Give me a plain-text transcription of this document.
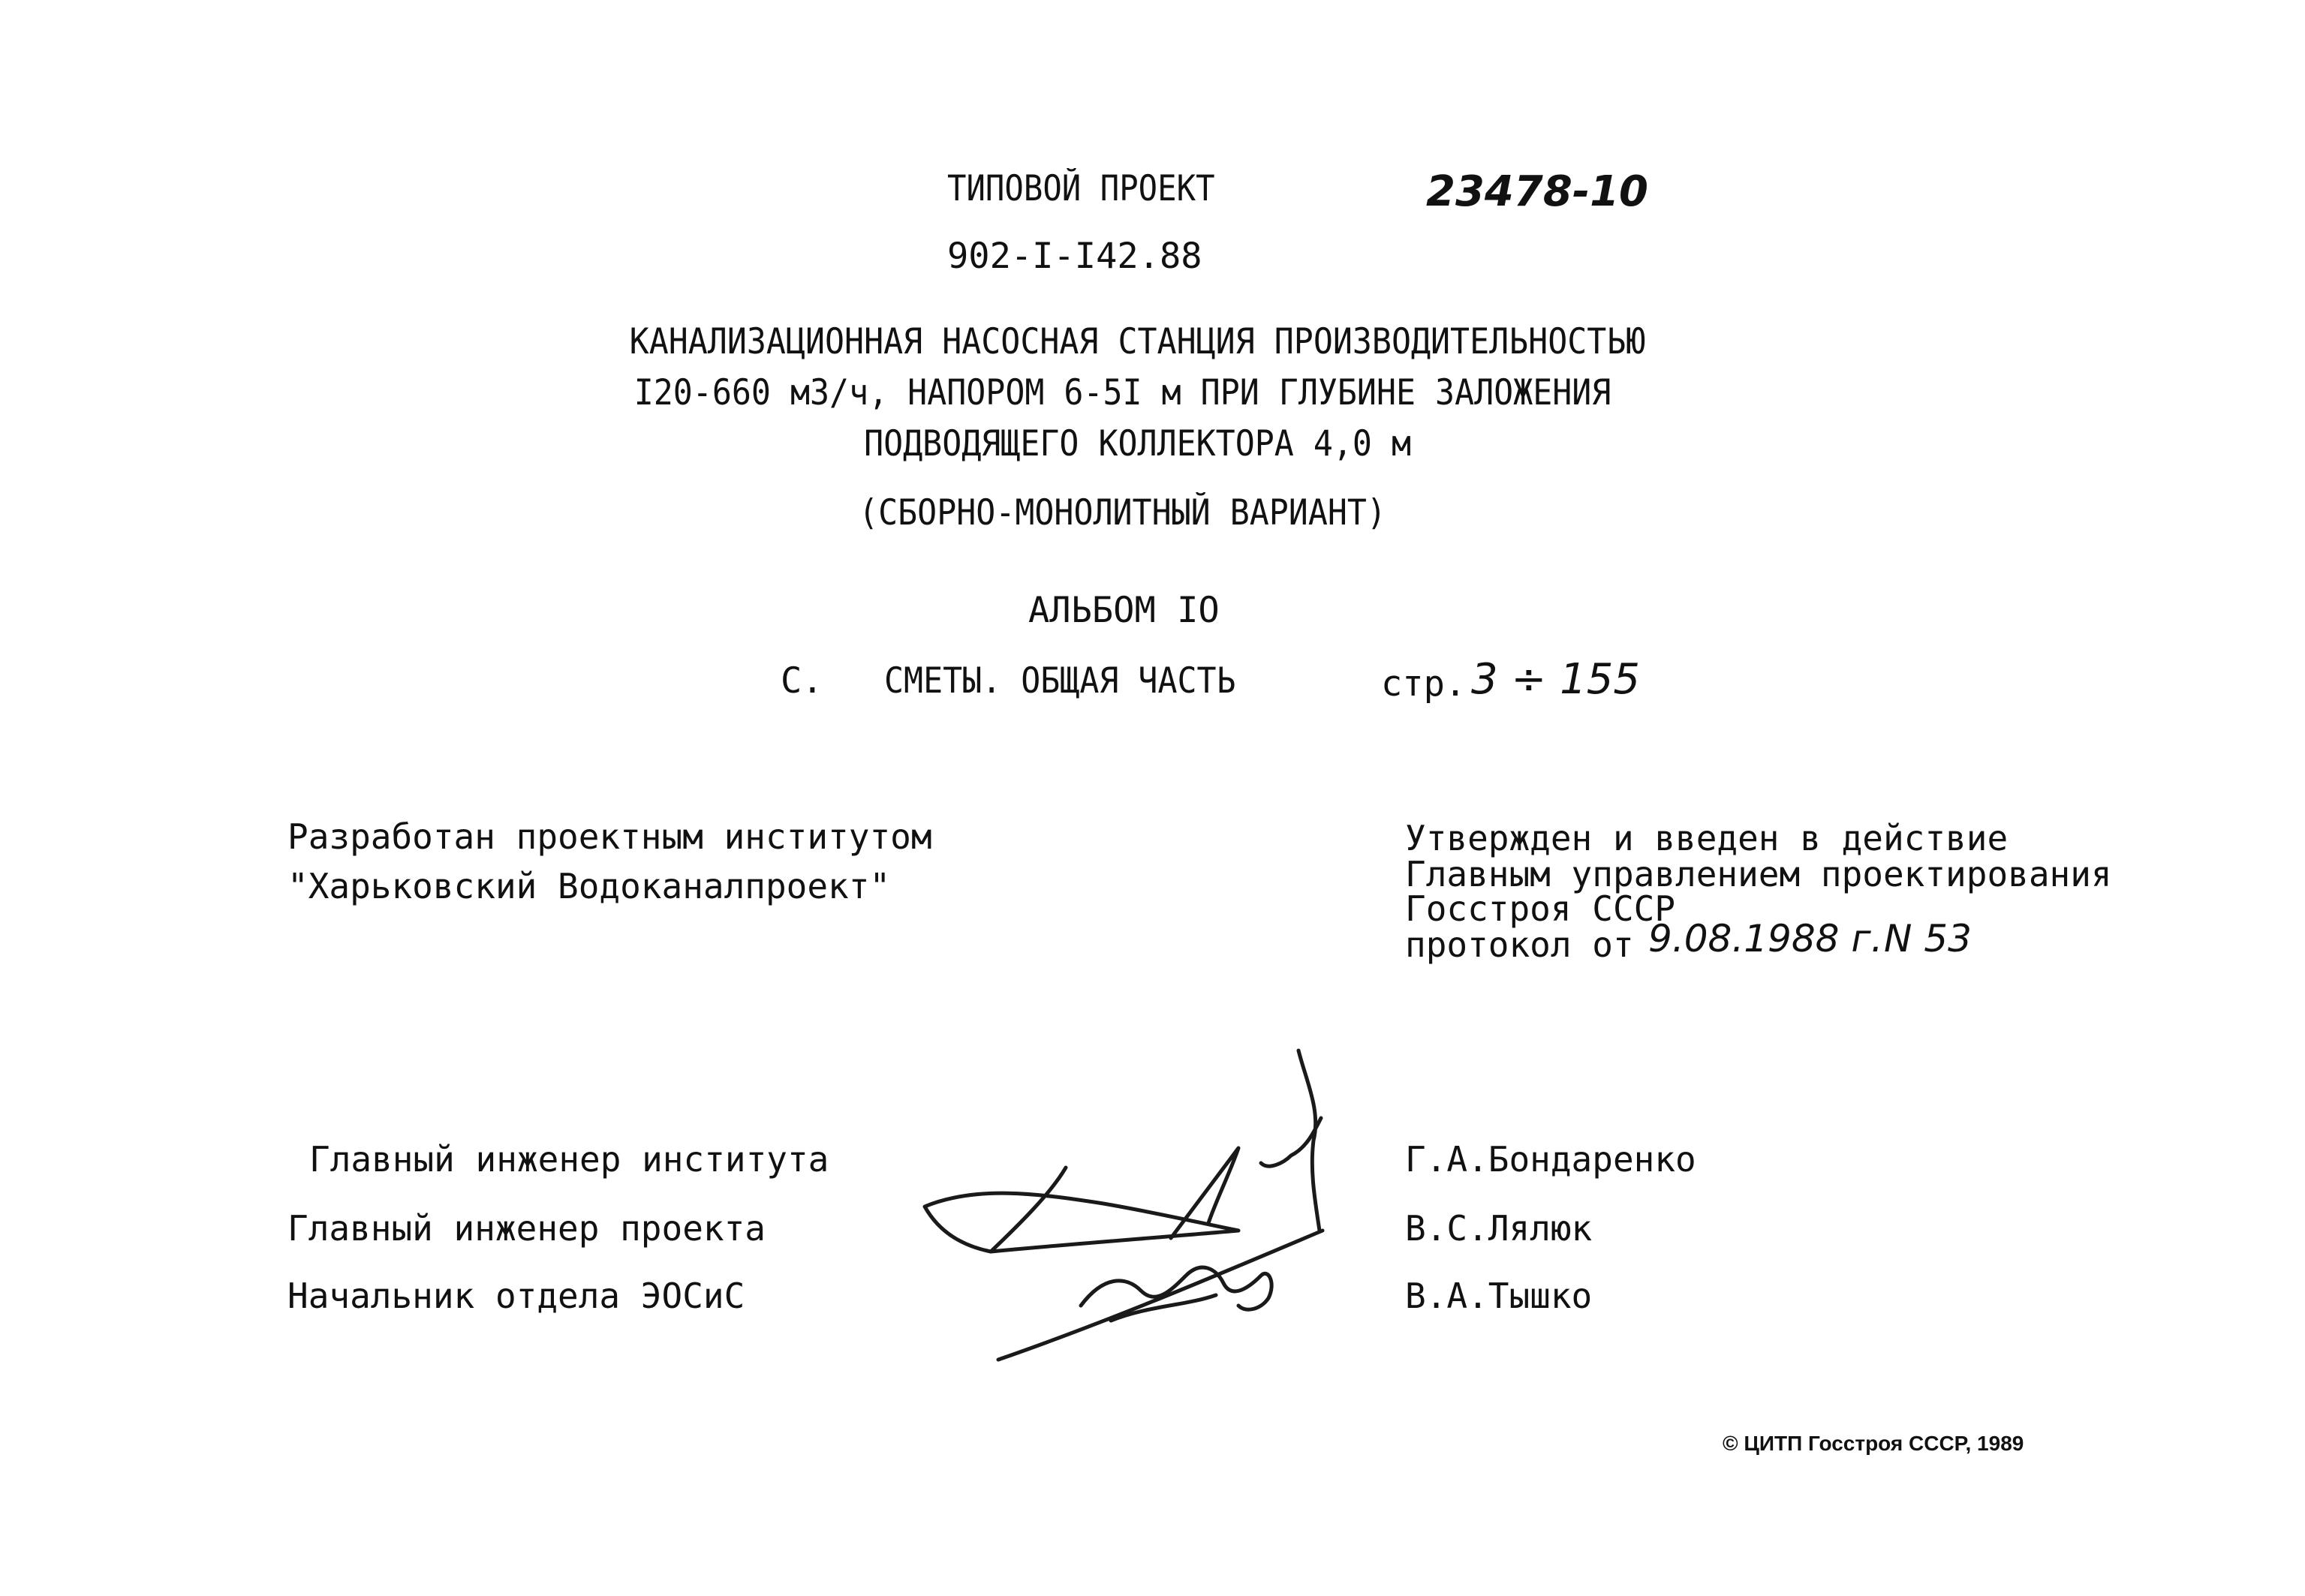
ТИПОВОЙ ПРОЕКТ	23478-10
902-I-I42.88
КАНАЛИЗАЦИОННАЯ НАСОСНАЯ СТАНЦИЯ ПРОИЗВОДИТЕЛЬНОСТЬЮ
I20-660 м3/ч, НАПОРОМ 6-5I м ПРИ ГЛУБИНЕ ЗАЛОЖЕНИЯ
ПОДВОДЯЩЕГО КОЛЛЕКТОРА 4,0 м
(СБОРНО-МОНОЛИТНЫЙ ВАРИАНТ)
АЛЬБОМ IO
С. СМЕТЫ. ОБЩАЯ ЧАСТЬ	стр. 3 ÷ 155
Разработан проектным институтом
"Харьковский Водоканалпроект"
Утвержден и введен в действие
Главным управлением проектирования
Госстроя СССР
протокол от 9.08.1988 г. N 53
Главный инженер института	Г.А.Бондаренко
Главный инженер проекта	В.С.Лялюк
Начальник отдела ЭОСиС	В.А.Тышко
© ЦИТП Госстроя СССР, 1989
